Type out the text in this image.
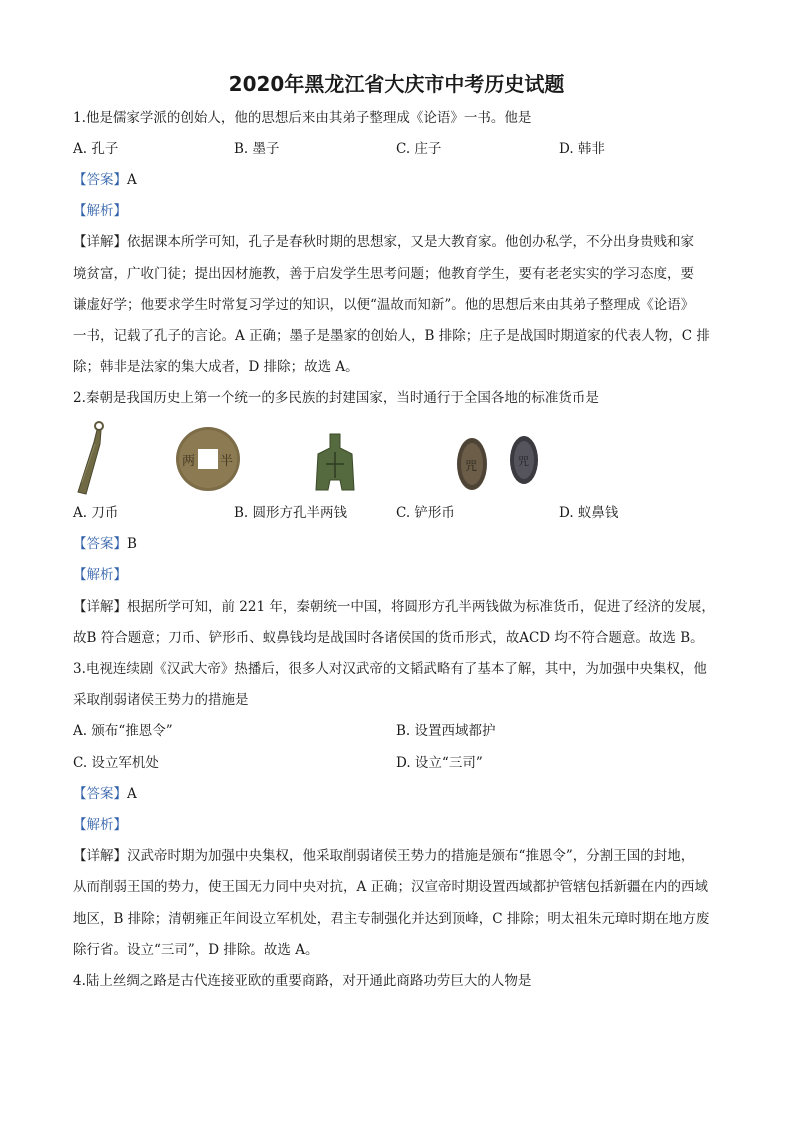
2020年黑龙江省大庆市中考历史试题
1.他是儒家学派的创始人，他的思想后来由其弟子整理成《论语》一书。他是
A. 孔子	B. 墨子	C. 庄子	D. 韩非
【答案】A
【解析】
【详解】依据课本所学可知，孔子是春秋时期的思想家，又是大教育家。他创办私学，不分出身贵贱和家
境贫富，广收门徒；提出因材施教，善于启发学生思考问题；他教育学生，要有老老实实的学习态度，要
谦虚好学；他要求学生时常复习学过的知识，以便“温故而知新”。他的思想后来由其弟子整理成《论语》
一书，记载了孔子的言论。A 正确；墨子是墨家的创始人，B 排除；庄子是战国时期道家的代表人物，C 排
除；韩非是法家的集大成者，D 排除；故选 A。
2.秦朝是我国历史上第一个统一的多民族的封建国家，当时通行于全国各地的标准货币是
两 半	咒	咒
A. 刀币	B. 圆形方孔半两钱	C. 铲形币	D. 蚁鼻钱
【答案】B
【解析】
【详解】根据所学可知，前 221 年，秦朝统一中国，将圆形方孔半两钱做为标准货币，促进了经济的发展，
故B 符合题意；刀币、铲形币、蚁鼻钱均是战国时各诸侯国的货币形式，故ACD 均不符合题意。故选 B。
3.电视连续剧《汉武大帝》热播后，很多人对汉武帝的文韬武略有了基本了解，其中，为加强中央集权，他
采取削弱诸侯王势力的措施是
A. 颁布“推恩令”	B. 设置西域都护
C. 设立军机处	D. 设立“三司”
【答案】A
【解析】
【详解】汉武帝时期为加强中央集权，他采取削弱诸侯王势力的措施是颁布“推恩令”，分割王国的封地，
从而削弱王国的势力，使王国无力同中央对抗，A 正确；汉宣帝时期设置西域都护管辖包括新疆在内的西域
地区，B 排除；清朝雍正年间设立军机处，君主专制强化并达到顶峰，C 排除；明太祖朱元璋时期在地方废
除行省。设立“三司”，D 排除。故选 A。
4.陆上丝绸之路是古代连接亚欧的重要商路，对开通此商路功劳巨大的人物是
